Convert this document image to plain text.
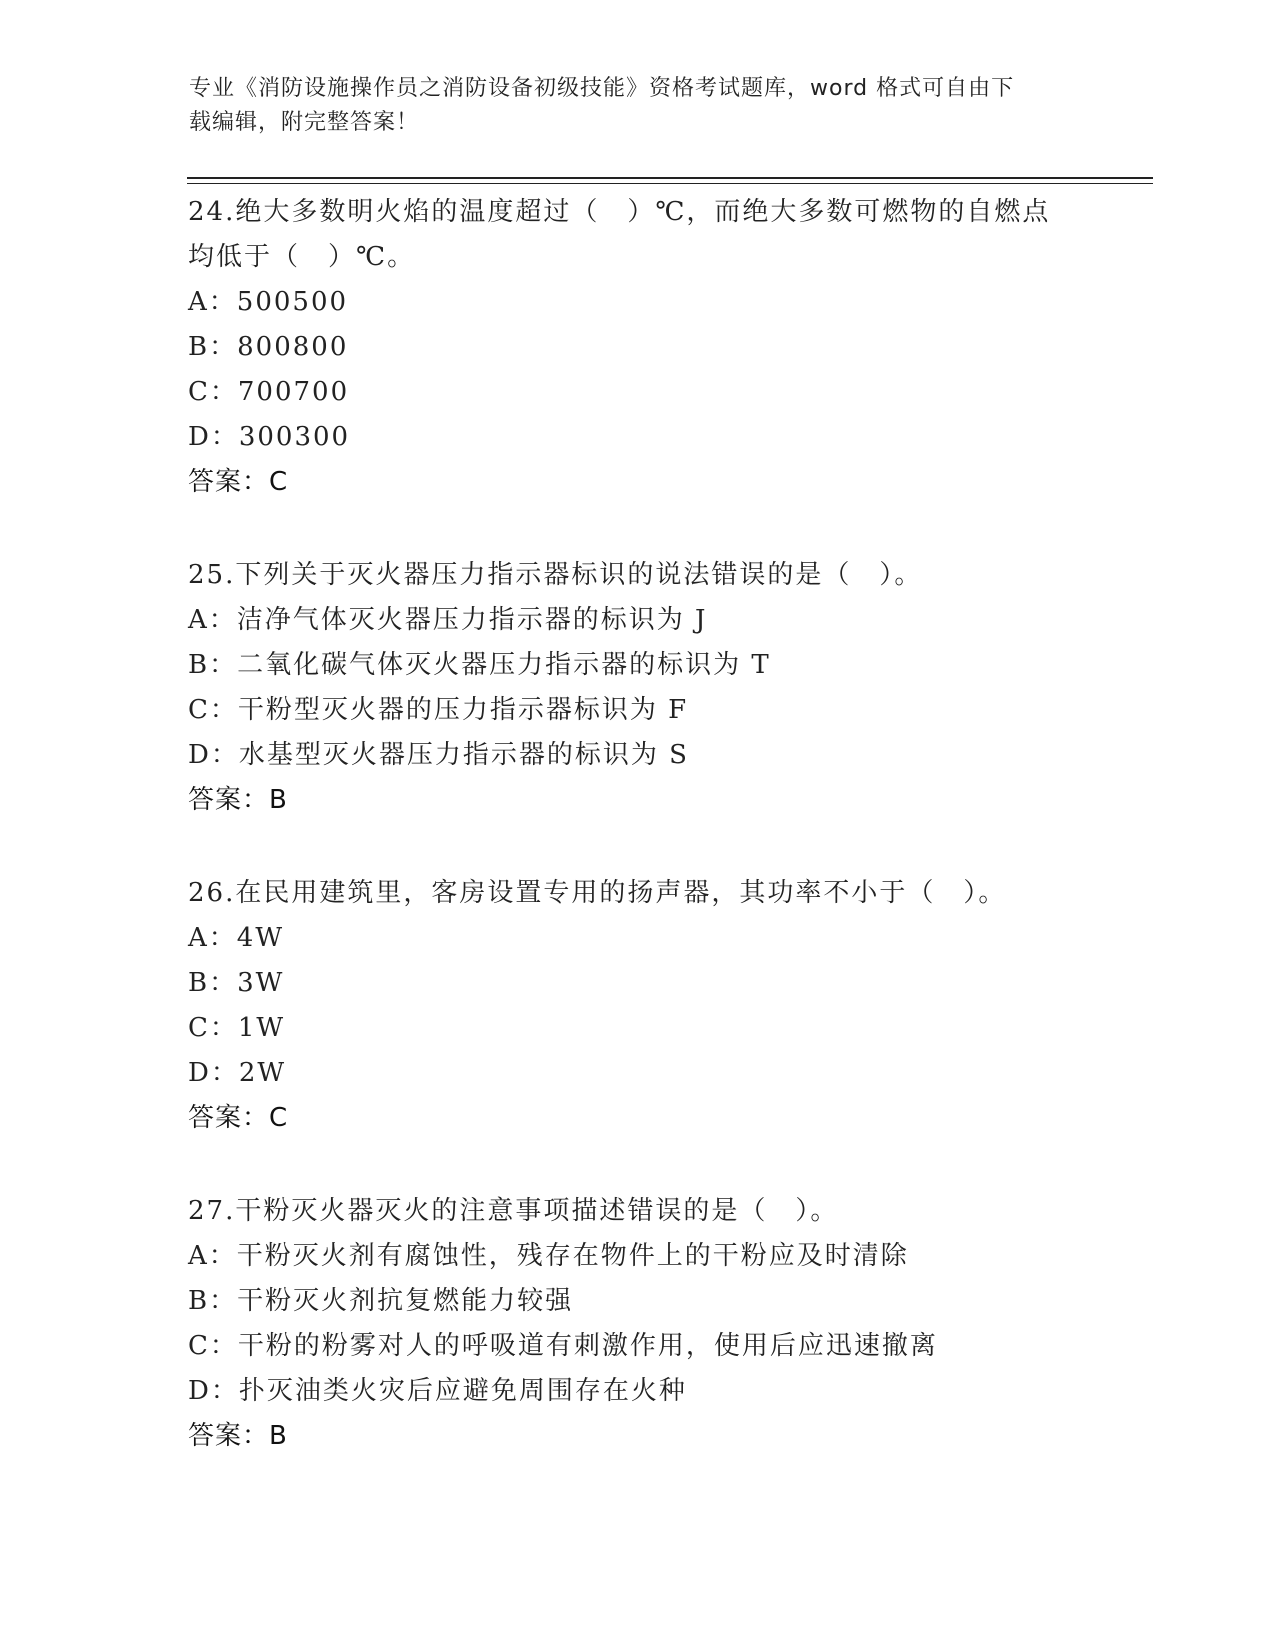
专业《消防设施操作员之消防设备初级技能》资格考试题库，word 格式可自由下
载编辑，附完整答案！
24.绝大多数明火焰的温度超过（　）℃，而绝大多数可燃物的自燃点
均低于（　）℃。
A：500500
B：800800
C：700700
D：300300
答案：C
25.下列关于灭火器压力指示器标识的说法错误的是（　）。
A：洁净气体灭火器压力指示器的标识为 J
B：二氧化碳气体灭火器压力指示器的标识为 T
C：干粉型灭火器的压力指示器标识为 F
D：水基型灭火器压力指示器的标识为 S
答案：B
26.在民用建筑里，客房设置专用的扬声器，其功率不小于（　）。
A：4W
B：3W
C：1W
D：2W
答案：C
27.干粉灭火器灭火的注意事项描述错误的是（　）。
A：干粉灭火剂有腐蚀性，残存在物件上的干粉应及时清除
B：干粉灭火剂抗复燃能力较强
C：干粉的粉雾对人的呼吸道有刺激作用，使用后应迅速撤离
D：扑灭油类火灾后应避免周围存在火种
答案：B
